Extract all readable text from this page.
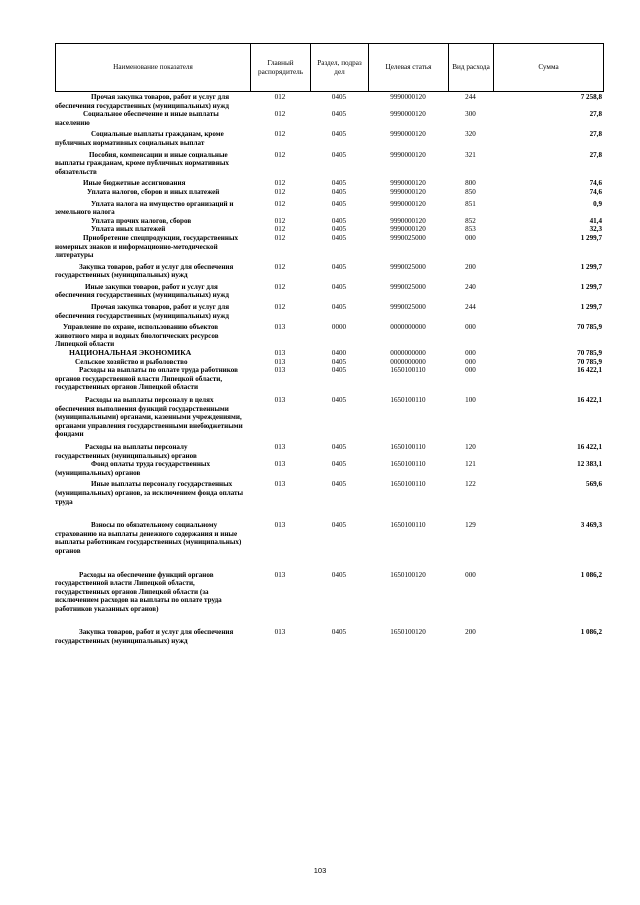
Наименование показателя	Главный распорядитель	Раздел, подраз дел	Целевая статья	Вид расхода	Сумма
Прочая закупка товаров, работ и услуг для обеспечения государственных (муниципальных) нужд	012	0405	9990000120	244	7 258,8
Социальное обеспечение и иные выплаты населению	012	0405	9990000120	300	27,8
Социальные выплаты гражданам, кроме публичных нормативных социальных выплат	012	0405	9990000120	320	27,8
Пособия, компенсации и иные социальные выплаты гражданам, кроме публичных нормативных обязательств	012	0405	9990000120	321	27,8
Иные бюджетные ассигнования	012	0405	9990000120	800	74,6
Уплата налогов, сборов и иных платежей	012	0405	9990000120	850	74,6
Уплата налога на имущество организаций и земельного налога	012	0405	9990000120	851	0,9
Уплата прочих налогов, сборов	012	0405	9990000120	852	41,4
Уплата иных платежей	012	0405	9990000120	853	32,3
Приобретение спецпродукции, государственных номерных знаков и информационно-методической литературы	012	0405	9990025000	000	1 299,7
Закупка товаров, работ и услуг для обеспечения государственных (муниципальных) нужд	012	0405	9990025000	200	1 299,7
Иные закупки товаров, работ и услуг для обеспечения государственных (муниципальных) нужд	012	0405	9990025000	240	1 299,7
Прочая закупка товаров, работ и услуг для обеспечения государственных (муниципальных) нужд	012	0405	9990025000	244	1 299,7
Управление по охране, использованию объектов животного мира и водных биологических ресурсов Липецкой области	013	0000	0000000000	000	70 785,9
НАЦИОНАЛЬНАЯ ЭКОНОМИКА	013	0400	0000000000	000	70 785,9
Сельское хозяйство и рыболовство	013	0405	0000000000	000	70 785,9
Расходы на выплаты по оплате труда работников органов государственной власти Липецкой области, государственных органов Липецкой области	013	0405	1650100110	000	16 422,1
Расходы на выплаты персоналу в целях обеспечения выполнения функций государственными (муниципальными) органами, казенными учреждениями, органами управления государственными внебюджетными фондами	013	0405	1650100110	100	16 422,1
Расходы на выплаты персоналу государственных (муниципальных) органов	013	0405	1650100110	120	16 422,1
Фонд оплаты труда государственных (муниципальных) органов	013	0405	1650100110	121	12 383,1
Иные выплаты персоналу государственных (муниципальных) органов, за исключением фонда оплаты труда	013	0405	1650100110	122	569,6
Взносы по обязательному социальному страхованию на выплаты денежного содержания и иные выплаты работникам государственных (муниципальных) органов	013	0405	1650100110	129	3 469,3
Расходы на обеспечение функций органов государственной власти Липецкой области, государственных органов Липецкой области (за исключением расходов на выплаты по оплате труда работников указанных органов)	013	0405	1650100120	000	1 086,2
Закупка товаров, работ и услуг для обеспечения государственных (муниципальных) нужд	013	0405	1650100120	200	1 086,2
103
